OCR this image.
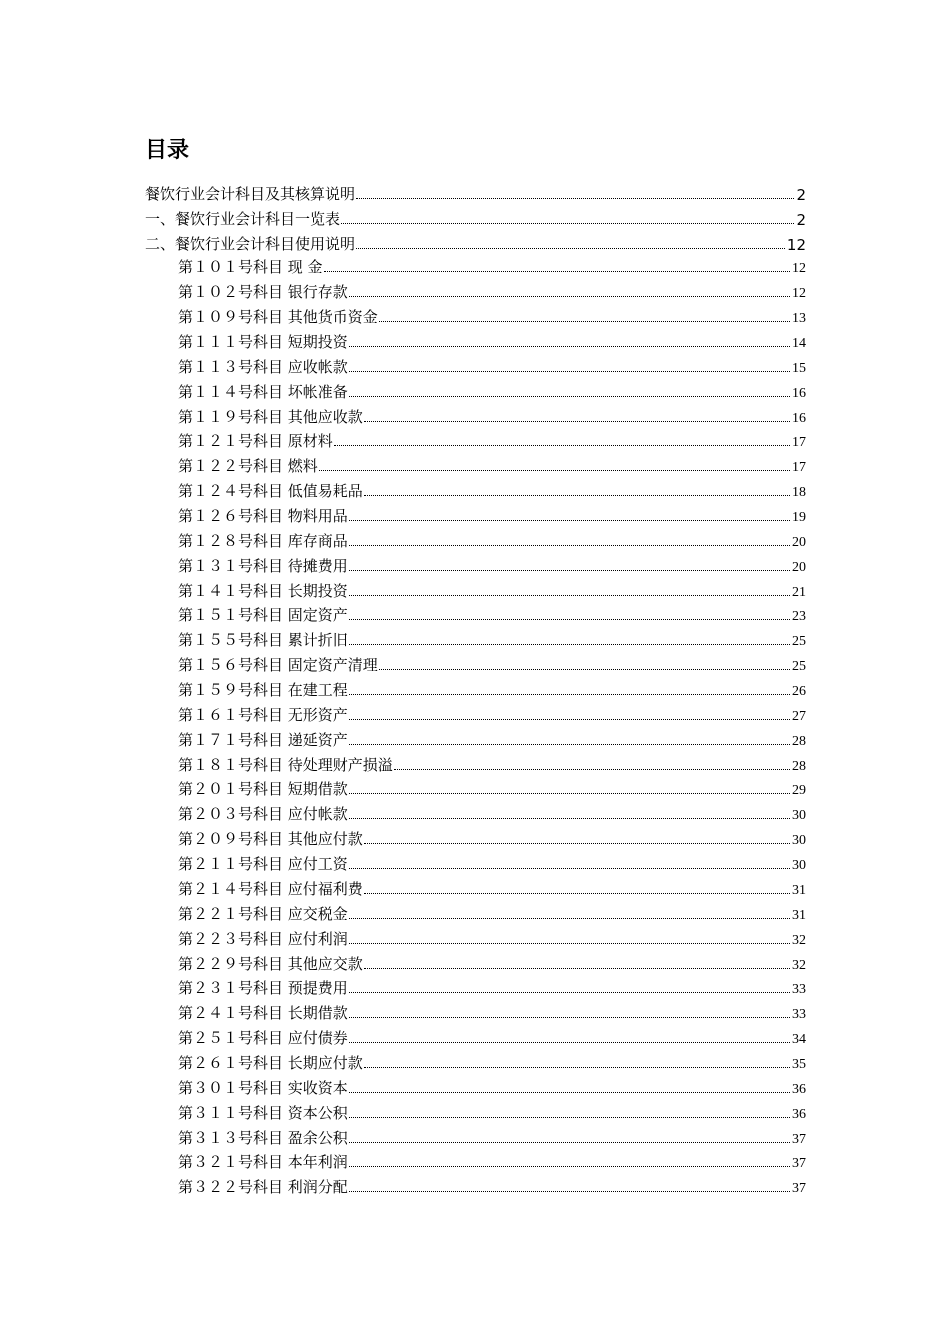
目录
餐饮行业会计科目及其核算说明	2
一、餐饮行业会计科目一览表	2
二、餐饮行业会计科目使用说明	12
第１０１号科目 现 金	12
第１０２号科目 银行存款	12
第１０９号科目 其他货币资金	13
第１１１号科目 短期投资	14
第１１３号科目 应收帐款	15
第１１４号科目 坏帐准备	16
第１１９号科目 其他应收款	16
第１２１号科目 原材料	17
第１２２号科目 燃料	17
第１２４号科目 低值易耗品	18
第１２６号科目 物料用品	19
第１２８号科目 库存商品	20
第１３１号科目 待摊费用	20
第１４１号科目 长期投资	21
第１５１号科目 固定资产	23
第１５５号科目 累计折旧	25
第１５６号科目 固定资产清理	25
第１５９号科目 在建工程	26
第１６１号科目 无形资产	27
第１７１号科目 递延资产	28
第１８１号科目 待处理财产损溢	28
第２０１号科目 短期借款	29
第２０３号科目 应付帐款	30
第２０９号科目 其他应付款	30
第２１１号科目 应付工资	30
第２１４号科目 应付福利费	31
第２２１号科目 应交税金	31
第２２３号科目 应付利润	32
第２２９号科目 其他应交款	32
第２３１号科目 预提费用	33
第２４１号科目 长期借款	33
第２５１号科目 应付债券	34
第２６１号科目 长期应付款	35
第３０１号科目 实收资本	36
第３１１号科目 资本公积	36
第３１３号科目 盈余公积	37
第３２１号科目 本年利润	37
第３２２号科目 利润分配	37
